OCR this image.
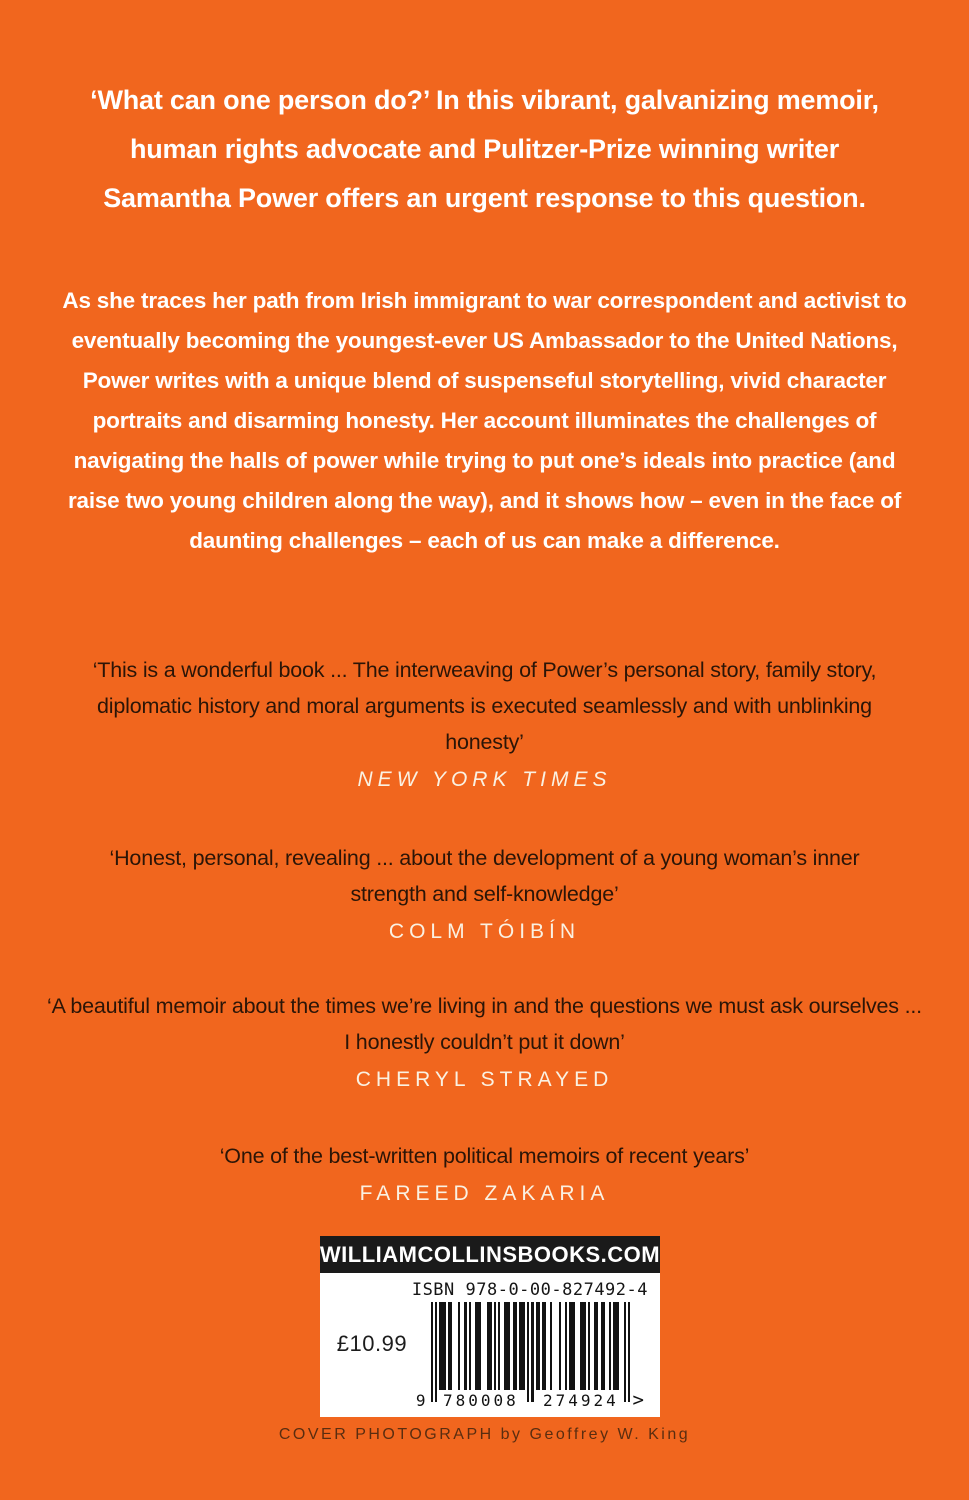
‘What can one person do?’ In this vibrant, galvanizing memoir, human rights advocate and Pulitzer-Prize winning writer Samantha Power offers an urgent response to this question.
As she traces her path from Irish immigrant to war correspondent and activist to eventually becoming the youngest-ever US Ambassador to the United Nations, Power writes with a unique blend of suspenseful storytelling, vivid character portraits and disarming honesty. Her account illuminates the challenges of navigating the halls of power while trying to put one’s ideals into practice (and raise two young children along the way), and it shows how – even in the face of daunting challenges – each of us can make a difference.
‘This is a wonderful book ... The interweaving of Power’s personal story, family story, diplomatic history and moral arguments is executed seamlessly and with unblinking honesty’
NEW YORK TIMES
‘Honest, personal, revealing ... about the development of a young woman’s inner strength and self-knowledge’
COLM TÓIBÍN
‘A beautiful memoir about the times we’re living in and the questions we must ask ourselves ... I honestly couldn’t put it down’
CHERYL STRAYED
‘One of the best-written political memoirs of recent years’
FAREED ZAKARIA
WILLIAMCOLLINSBOOKS.COM
£10.99
ISBN 978-0-00-827492-4
9	780008	274924 >
COVER PHOTOGRAPH by Geoffrey W. King
